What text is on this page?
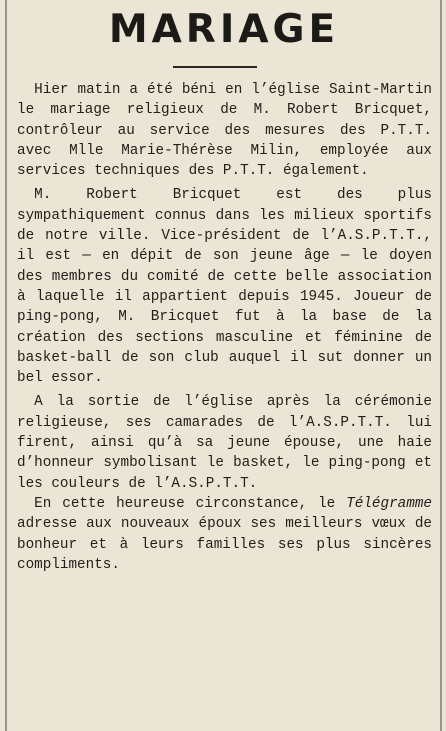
MARIAGE

Hier matin a été béni en l’église Saint-Martin le mariage religieux de M. Robert Bricquet, contrôleur au service des mesures des P.T.T. avec Mlle Marie-Thérèse Milin, employée aux services techniques des P.T.T. également.

M. Robert Bricquet est des plus sympathiquement connus dans les milieux sportifs de notre ville. Vice-président de l’A.S.P.T.T., il est — en dépit de son jeune âge — le doyen des membres du comité de cette belle association à laquelle il appartient depuis 1945. Joueur de ping-pong, M. Bricquet fut à la base de la création des sections masculine et féminine de basket-ball de son club auquel il sut donner un bel essor.

A la sortie de l’église après la cérémonie religieuse, ses camarades de l’A.S.P.T.T. lui firent, ainsi qu’à sa jeune épouse, une haie d’honneur symbolisant le basket, le ping-pong et les couleurs de l’A.S.P.T.T.

En cette heureuse circonstance, le Télégramme adresse aux nouveaux époux ses meilleurs vœux de bonheur et à leurs familles ses plus sincères compliments.
